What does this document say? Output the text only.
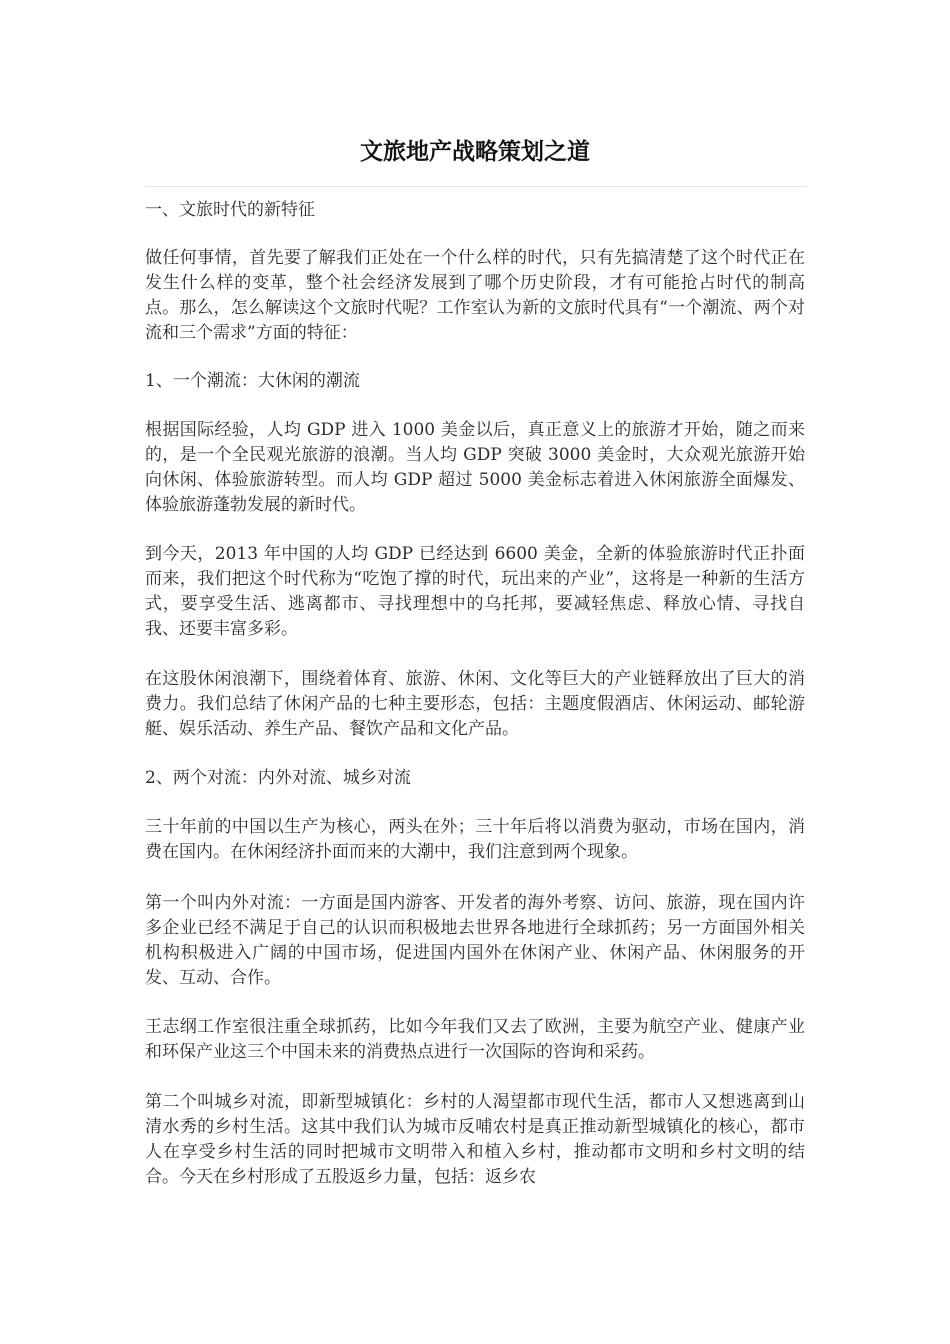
文旅地产战略策划之道

一、文旅时代的新特征

做任何事情，首先要了解我们正处在一个什么样的时代，只有先搞清楚了这个时代正在发生什么样的变革，整个社会经济发展到了哪个历史阶段，才有可能抢占时代的制高点。那么，怎么解读这个文旅时代呢？工作室认为新的文旅时代具有“一个潮流、两个对流和三个需求”方面的特征：

1、一个潮流：大休闲的潮流

根据国际经验，人均 GDP 进入 1000 美金以后，真正意义上的旅游才开始，随之而来的，是一个全民观光旅游的浪潮。当人均 GDP 突破 3000 美金时，大众观光旅游开始向休闲、体验旅游转型。而人均 GDP 超过 5000 美金标志着进入休闲旅游全面爆发、体验旅游蓬勃发展的新时代。

到今天，2013 年中国的人均 GDP 已经达到 6600 美金，全新的体验旅游时代正扑面而来，我们把这个时代称为“吃饱了撑的时代，玩出来的产业”，这将是一种新的生活方式，要享受生活、逃离都市、寻找理想中的乌托邦，要减轻焦虑、释放心情、寻找自我、还要丰富多彩。

在这股休闲浪潮下，围绕着体育、旅游、休闲、文化等巨大的产业链释放出了巨大的消费力。我们总结了休闲产品的七种主要形态，包括：主题度假酒店、休闲运动、邮轮游艇、娱乐活动、养生产品、餐饮产品和文化产品。

2、两个对流：内外对流、城乡对流

三十年前的中国以生产为核心，两头在外；三十年后将以消费为驱动，市场在国内，消费在国内。在休闲经济扑面而来的大潮中，我们注意到两个现象。

第一个叫内外对流：一方面是国内游客、开发者的海外考察、访问、旅游，现在国内许多企业已经不满足于自己的认识而积极地去世界各地进行全球抓药；另一方面国外相关机构积极进入广阔的中国市场，促进国内国外在休闲产业、休闲产品、休闲服务的开发、互动、合作。

王志纲工作室很注重全球抓药，比如今年我们又去了欧洲，主要为航空产业、健康产业和环保产业这三个中国未来的消费热点进行一次国际的咨询和采药。

第二个叫城乡对流，即新型城镇化：乡村的人渴望都市现代生活，都市人又想逃离到山清水秀的乡村生活。这其中我们认为城市反哺农村是真正推动新型城镇化的核心，都市人在享受乡村生活的同时把城市文明带入和植入乡村，推动都市文明和乡村文明的结合。今天在乡村形成了五股返乡力量，包括：返乡农
